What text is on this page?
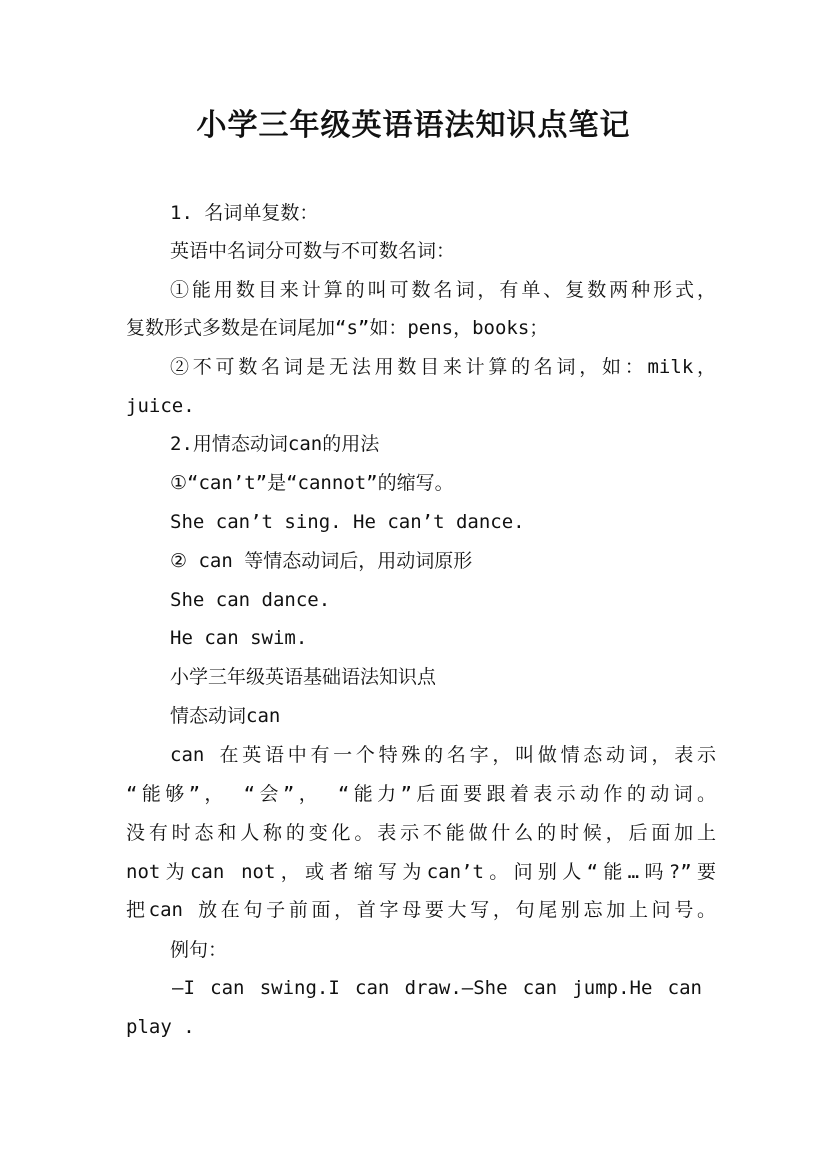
小学三年级英语语法知识点笔记
1. 名词单复数：
英语中名词分可数与不可数名词：
①能用数目来计算的叫可数名词，有单、复数两种形式，
复数形式多数是在词尾加“s”如：pens，books；
②不可数名词是无法用数目来计算的名词，如：milk，
juice.
2.用情态动词can的用法
①“can’t”是“cannot”的缩写。
She can’t sing. He can’t dance.
② can 等情态动词后，用动词原形
She can dance.
He can swim.
小学三年级英语基础语法知识点
情态动词can
can 在英语中有一个特殊的名字，叫做情态动词，表示
“能够”， “会”， “能力”后面要跟着表示动作的动词。
没有时态和人称的变化。表示不能做什么的时候，后面加上
not为can not，或者缩写为can’t。问别人“能…吗?”要
把can 放在句子前面，首字母要大写，句尾别忘加上问号。
例句：
—I can swing.I can draw.—She can jump.He can
play .
